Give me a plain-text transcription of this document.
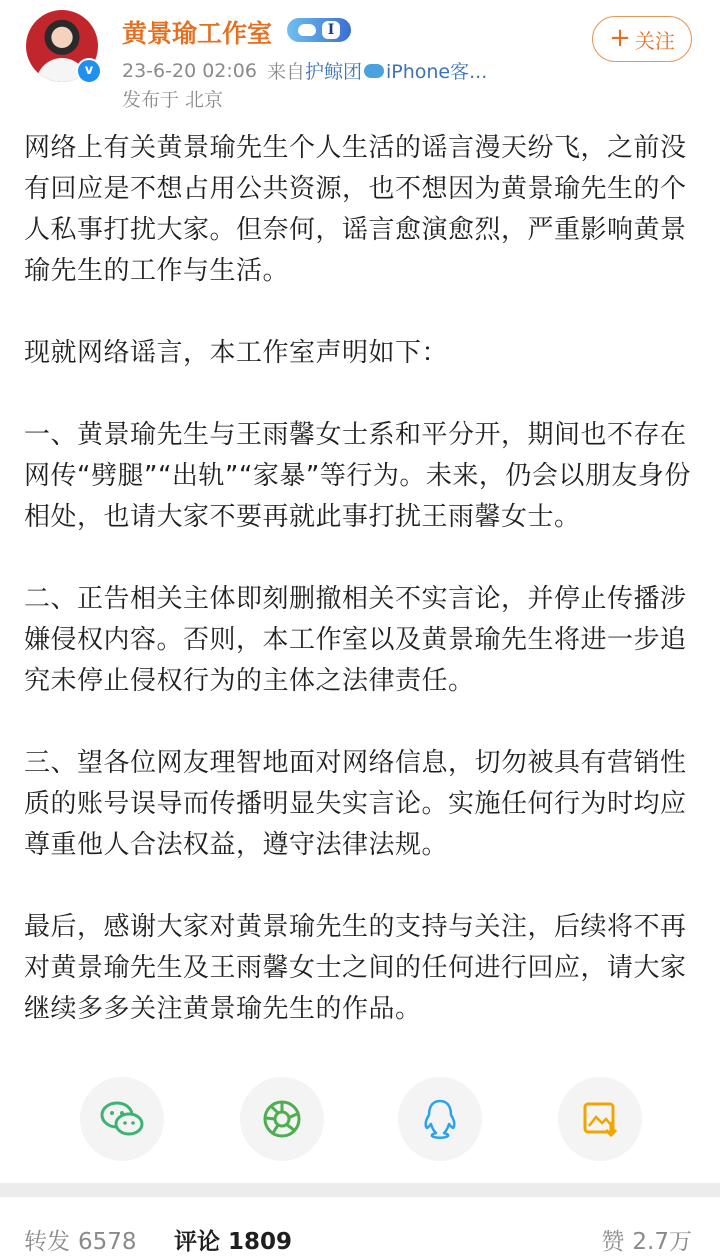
v
黄景瑜工作室	I
23-6-20 02:06 来自护鲸团 iPhone客...
发布于 北京
+ 关注

网络上有关黄景瑜先生个人生活的谣言漫天纷飞，之前没有回应是不想占用公共资源，也不想因为黄景瑜先生的个人私事打扰大家。但奈何，谣言愈演愈烈，严重影响黄景瑜先生的工作与生活。

现就网络谣言，本工作室声明如下：

一、黄景瑜先生与王雨馨女士系和平分开，期间也不存在网传“劈腿”“出轨”“家暴”等行为。未来，仍会以朋友身份相处，也请大家不要再就此事打扰王雨馨女士。

二、正告相关主体即刻删撤相关不实言论，并停止传播涉嫌侵权内容。否则，本工作室以及黄景瑜先生将进一步追究未停止侵权行为的主体之法律责任。

三、望各位网友理智地面对网络信息，切勿被具有营销性质的账号误导而传播明显失实言论。实施任何行为时均应尊重他人合法权益，遵守法律法规。

最后，感谢大家对黄景瑜先生的支持与关注，后续将不再对黄景瑜先生及王雨馨女士之间的任何进行回应，请大家继续多多关注黄景瑜先生的作品。

转发 6578 评论 1809	赞 2.7万
